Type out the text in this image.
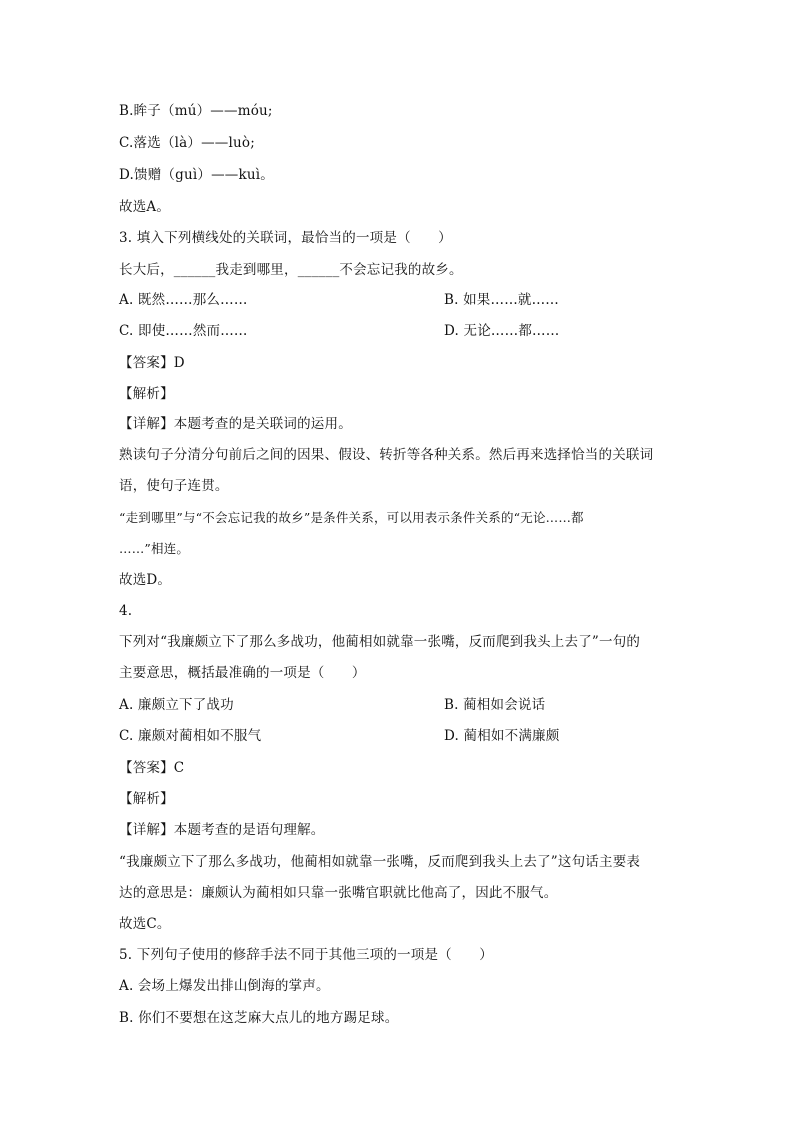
B.眸子（mú）——móu;
C.落选（là）——luò;
D.馈赠（guì）——kuì。
故选A。
3. 填入下列横线处的关联词，最恰当的一项是（　　）
长大后，______我走到哪里，______不会忘记我的故乡。
A. 既然……那么……	B. 如果……就……
C. 即使……然而……	D. 无论……都……
【答案】D
【解析】
【详解】本题考查的是关联词的运用。
熟读句子分清分句前后之间的因果、假设、转折等各种关系。然后再来选择恰当的关联词
语，使句子连贯。
“走到哪里”与“不会忘记我的故乡”是条件关系，可以用表示条件关系的“无论……都
……”相连。
故选D。
4.
下列对“我廉颇立下了那么多战功，他蔺相如就靠一张嘴，反而爬到我头上去了”一句的
主要意思，概括最准确的一项是（　　）
A. 廉颇立下了战功	B. 蔺相如会说话
C. 廉颇对蔺相如不服气	D. 蔺相如不满廉颇
【答案】C
【解析】
【详解】本题考查的是语句理解。
“我廉颇立下了那么多战功，他蔺相如就靠一张嘴，反而爬到我头上去了”这句话主要表
达的意思是：廉颇认为蔺相如只靠一张嘴官职就比他高了，因此不服气。
故选C。
5. 下列句子使用的修辞手法不同于其他三项的一项是（　　）
A. 会场上爆发出排山倒海的掌声。
B. 你们不要想在这芝麻大点儿的地方踢足球。
